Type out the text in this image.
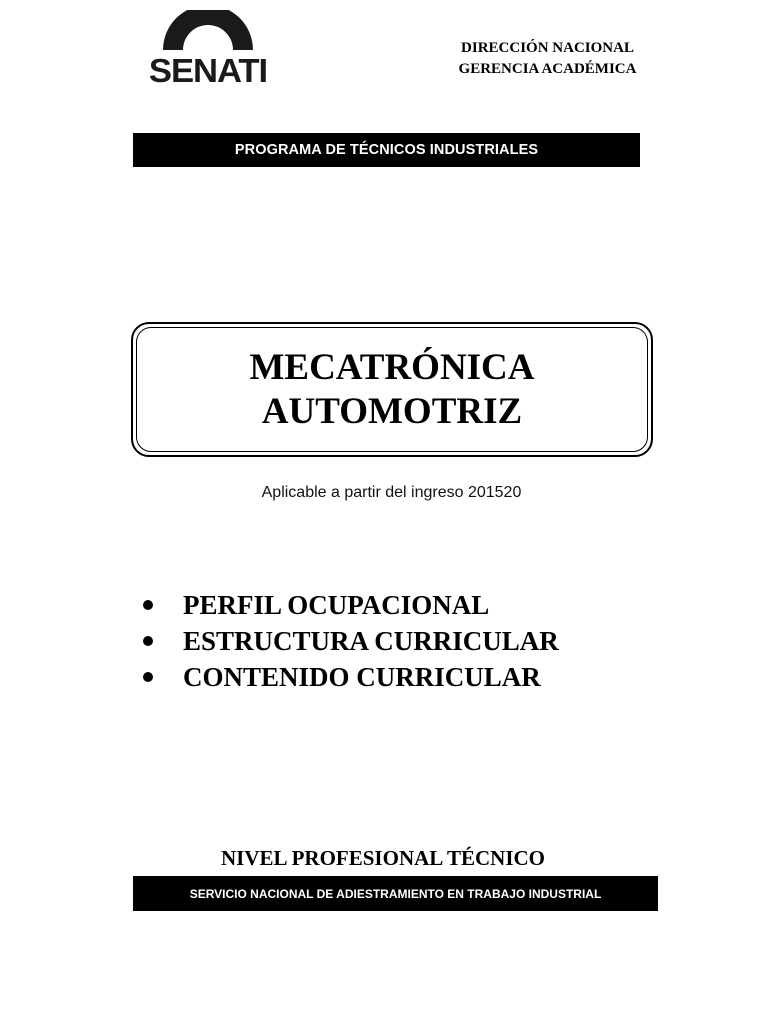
SENATI
DIRECCIÓN NACIONAL
GERENCIA ACADÉMICA
PROGRAMA DE TÉCNICOS INDUSTRIALES
MECATRÓNICA
AUTOMOTRIZ
Aplicable a partir del ingreso 201520
PERFIL OCUPACIONAL
ESTRUCTURA CURRICULAR
CONTENIDO CURRICULAR
NIVEL PROFESIONAL TÉCNICO
SERVICIO NACIONAL DE ADIESTRAMIENTO EN TRABAJO INDUSTRIAL
